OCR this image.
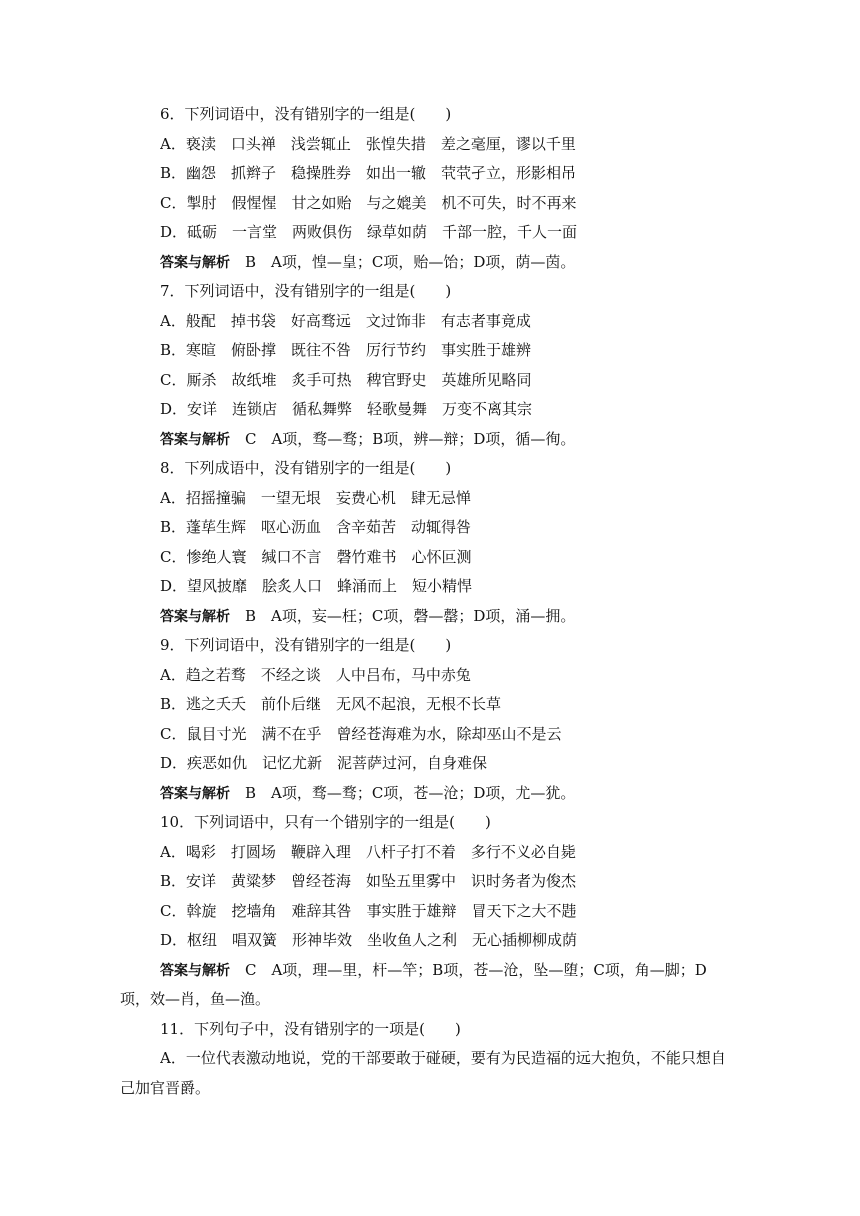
6．下列词语中，没有错别字的一组是(　　)
A．亵渎　口头禅　浅尝辄止　张惶失措　差之毫厘，谬以千里
B．幽怨　抓辫子　稳操胜券　如出一辙　茕茕孑立，形影相吊
C．掣肘　假惺惺　甘之如贻　与之媲美　机不可失，时不再来
D．砥砺　一言堂　两败俱伤　绿草如荫　千部一腔，千人一面
答案与解析　B　A项，惶—皇；C项，贻—饴；D项，荫—茵。
7．下列词语中，没有错别字的一组是(　　)
A．般配　掉书袋　好高骛远　文过饰非　有志者事竟成
B．寒暄　俯卧撑　既往不咎　厉行节约　事实胜于雄辨
C．厮杀　故纸堆　炙手可热　稗官野史　英雄所见略同
D．安详　连锁店　循私舞弊　轻歌曼舞　万变不离其宗
答案与解析　C　A项，骛—骛；B项，辨—辩；D项，循—徇。
8．下列成语中，没有错别字的一组是(　　)
A．招摇撞骗　一望无垠　妄费心机　肆无忌惮
B．蓬荜生辉　呕心沥血　含辛茹苦　动辄得咎
C．惨绝人寰　缄口不言　磬竹难书　心怀叵测
D．望风披靡　脍炙人口　蜂涌而上　短小精悍
答案与解析　B　A项，妄—枉；C项，磬—罄；D项，涌—拥。
9．下列词语中，没有错别字的一组是(　　)
A．趋之若骛　不经之谈　人中吕布，马中赤兔
B．逃之夭夭　前仆后继　无风不起浪，无根不长草
C．鼠目寸光　满不在乎　曾经苍海难为水，除却巫山不是云
D．疾恶如仇　记忆尤新　泥菩萨过河，自身难保
答案与解析　B　A项，骛—骛；C项，苍—沧；D项，尤—犹。
10．下列词语中，只有一个错别字的一组是(　　)
A．喝彩　打圆场　鞭辟入理　八杆子打不着　多行不义必自毙
B．安详　黄粱梦　曾经苍海　如坠五里雾中　识时务者为俊杰
C．斡旋　挖墙角　难辞其咎　事实胜于雄辩　冒天下之大不韪
D．枢纽　唱双簧　形神毕效　坐收鱼人之利　无心插柳柳成荫
答案与解析　C　A项，理—里，杆—竿；B项，苍—沧，坠—堕；C项，角—脚；D
项，效—肖，鱼—渔。
11．下列句子中，没有错别字的一项是(　　)
A．一位代表激动地说，党的干部要敢于碰硬，要有为民造福的远大抱负，不能只想自
己加官晋爵。
